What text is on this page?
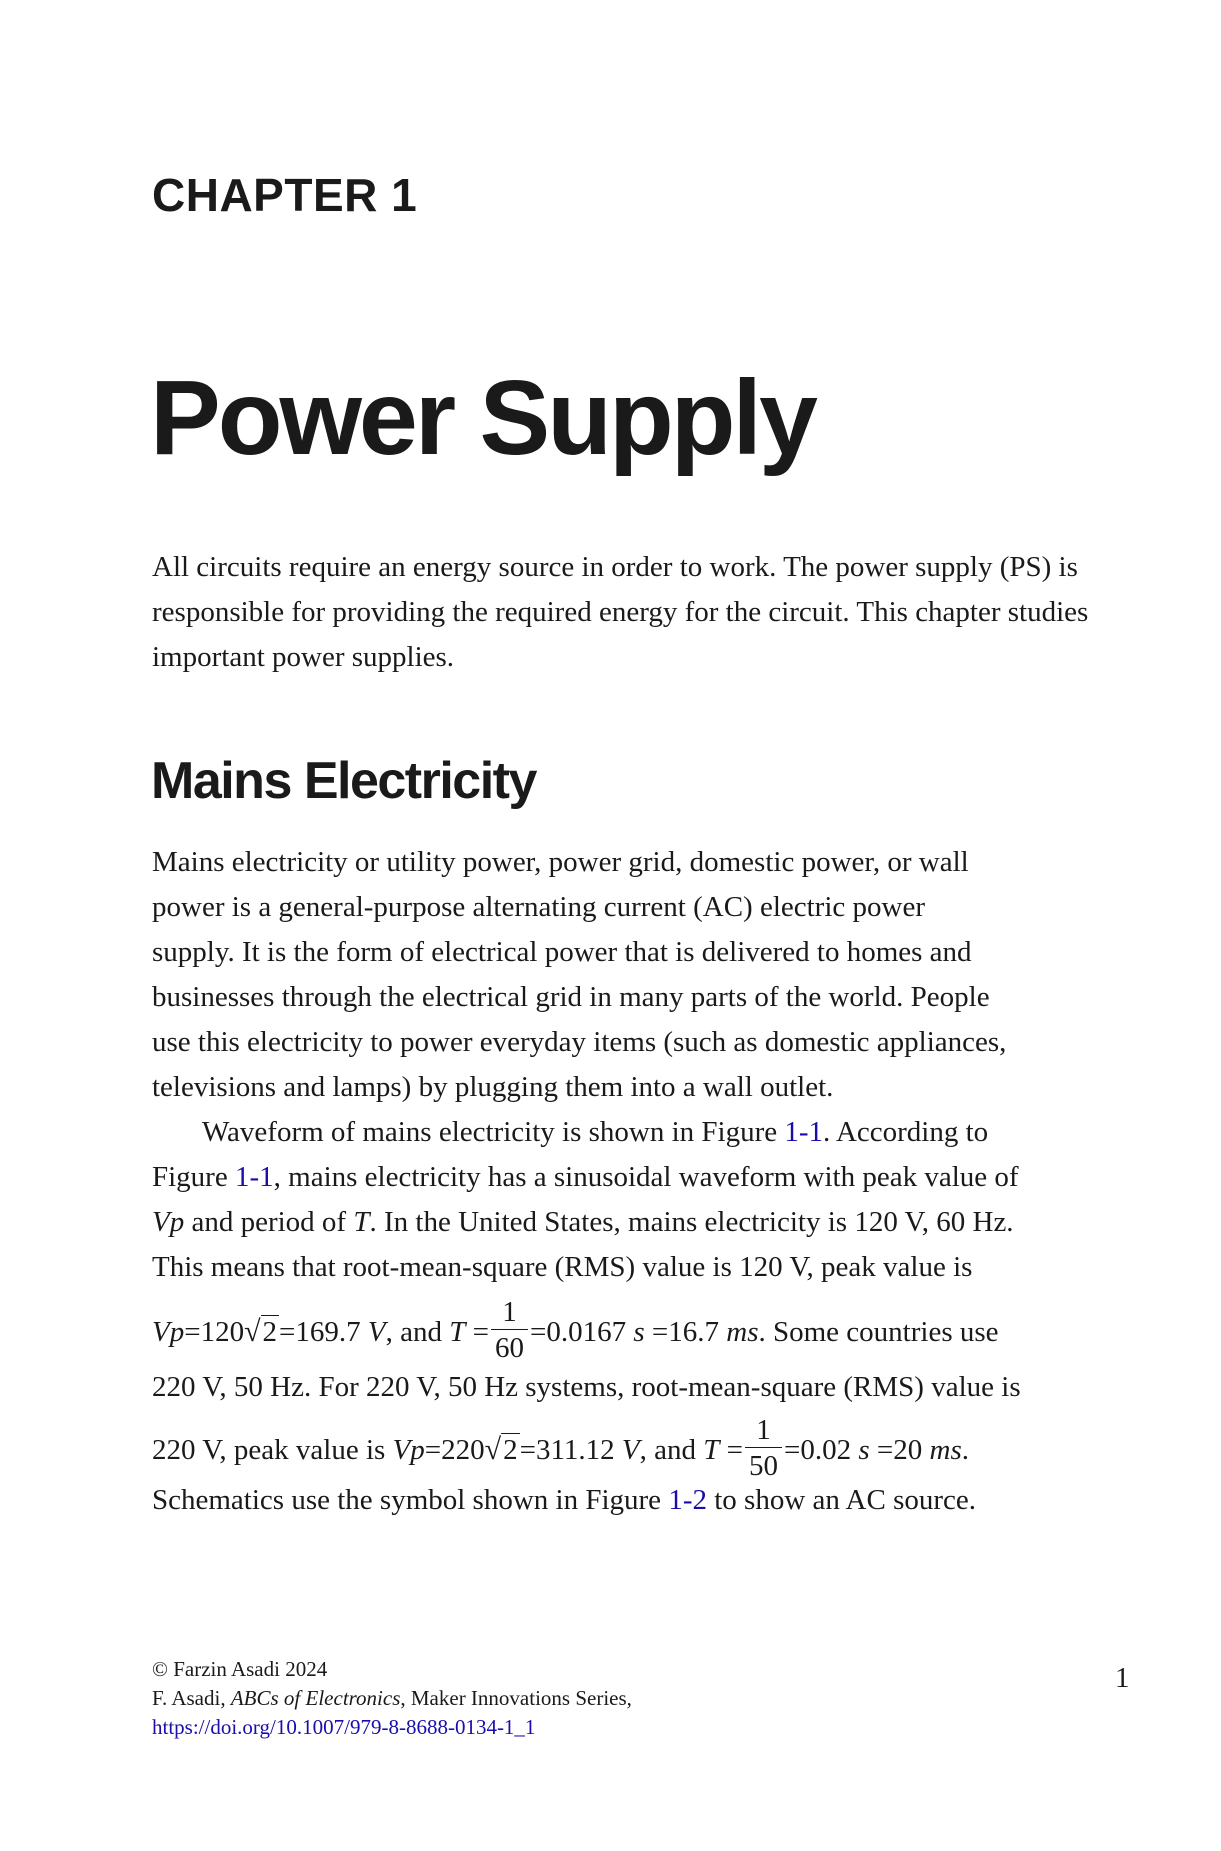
CHAPTER 1
Power Supply
All circuits require an energy source in order to work. The power supply (PS) is responsible for providing the required energy for the circuit. This chapter studies important power supplies.
Mains Electricity
Mains electricity or utility power, power grid, domestic power, or wall
power is a general-purpose alternating current (AC) electric power
supply. It is the form of electrical power that is delivered to homes and
businesses through the electrical grid in many parts of the world. People
use this electricity to power everyday items (such as domestic appliances,
televisions and lamps) by plugging them into a wall outlet.
Waveform of mains electricity is shown in Figure 1-1. According to
Figure 1-1, mains electricity has a sinusoidal waveform with peak value of
Vp and period of T. In the United States, mains electricity is 120 V, 60 Hz.
This means that root-mean-square (RMS) value is 120 V, peak value is
Vp=120√2=169.7 V, and $T = \frac{1}{60} =0.0167$ s =16.7 ms. Some countries use
220 V, 50 Hz. For 220 V, 50 Hz systems, root-mean-square (RMS) value is
220 V, peak value is Vp=220√2=311.12 V, and $T = \frac{1}{50} =0.02$ s =20 ms.
Schematics use the symbol shown in Figure 1-2 to show an AC source.
© Farzin Asadi 2024
F. Asadi, ABCs of Electronics, Maker Innovations Series,
https://doi.org/10.1007/979-8-8688-0134-1_1
1
